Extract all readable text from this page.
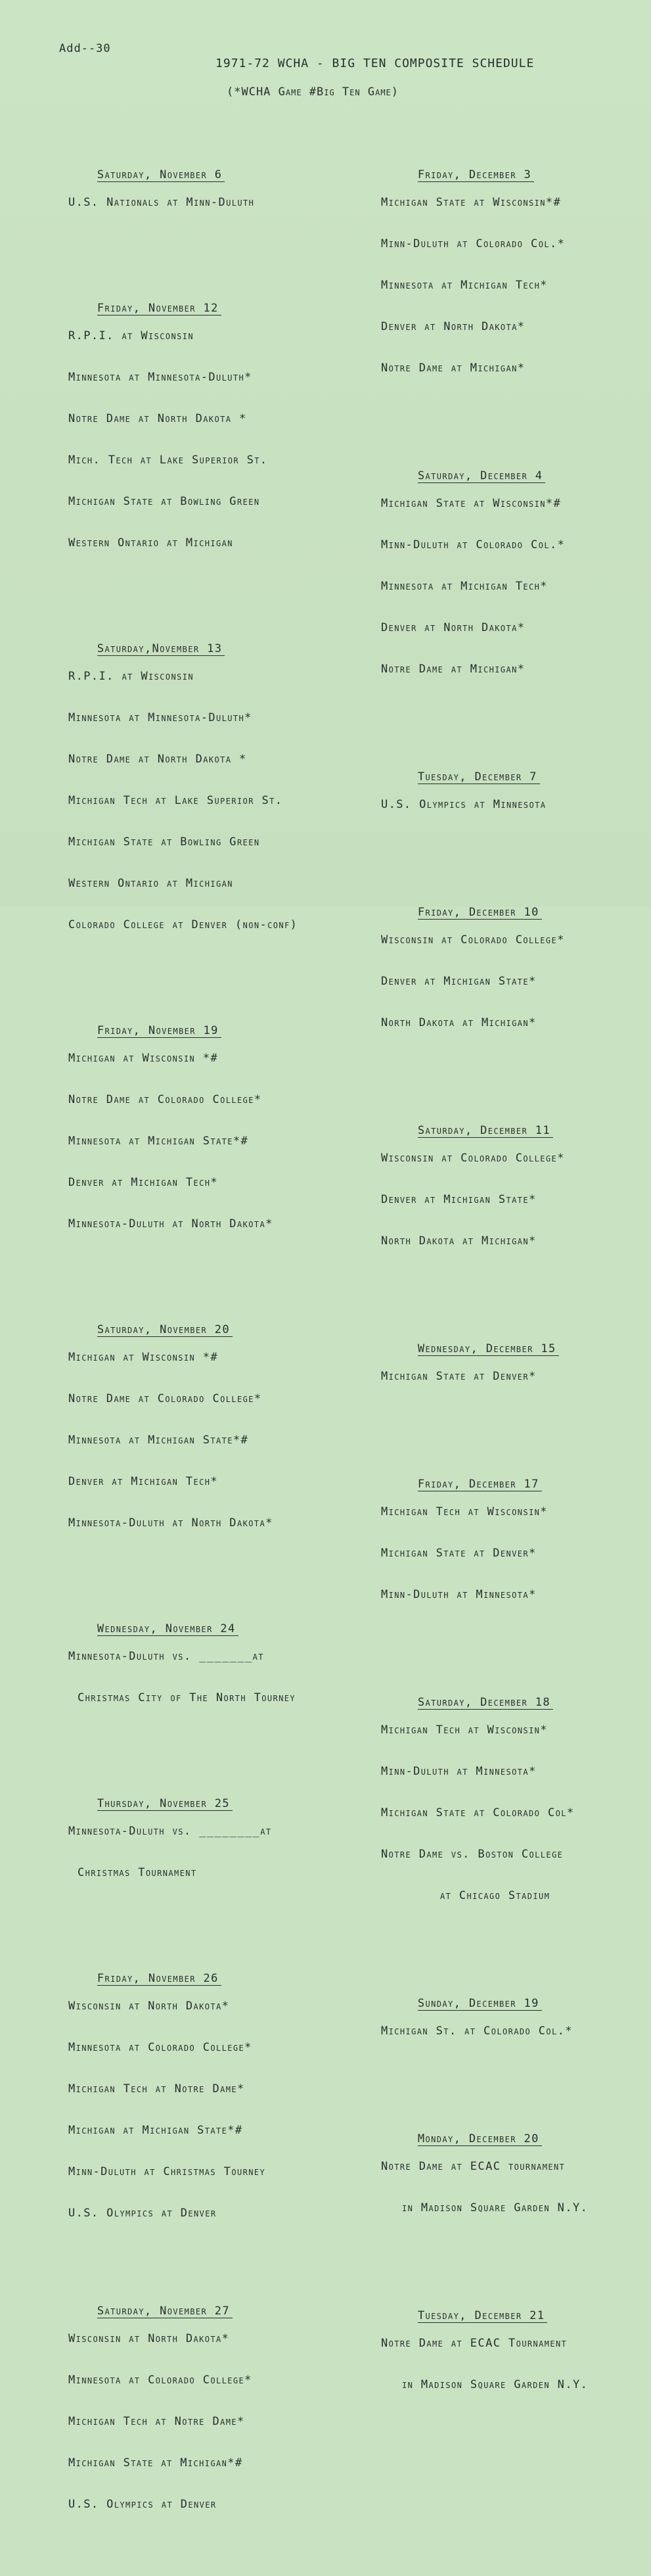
Add--30
1971-72 WCHA - BIG TEN COMPOSITE SCHEDULE
(*WCHA Game #Big Ten Game)

Saturday, November 6

U.S. Nationals at Minn-Duluth

Friday, November 12

R.P.I. at Wisconsin

Minnesota at Minnesota-Duluth*

Notre Dame at North Dakota *

Mich. Tech at Lake Superior St.

Michigan State at Bowling Green

Western Ontario at Michigan

Saturday,November 13

R.P.I. at Wisconsin

Minnesota at Minnesota-Duluth*

Notre Dame at North Dakota *

Michigan Tech at Lake Superior St.

Michigan State at Bowling Green

Western Ontario at Michigan

Colorado College at Denver (non-conf)

Friday, November 19

Michigan at Wisconsin *#

Notre Dame at Colorado College*

Minnesota at Michigan State*#

Denver at Michigan Tech*

Minnesota-Duluth at North Dakota*

Saturday, November 20

Michigan at Wisconsin *#

Notre Dame at Colorado College*

Minnesota at Michigan State*#

Denver at Michigan Tech*

Minnesota-Duluth at North Dakota*

Wednesday, November 24

Minnesota-Duluth vs. _______at

Christmas City of The North Tourney

Thursday, November 25

Minnesota-Duluth vs. ________at

Christmas Tournament

Friday, November 26

Wisconsin at North Dakota*

Minnesota at Colorado College*

Michigan Tech at Notre Dame*

Michigan at Michigan State*#

Minn-Duluth at Christmas Tourney

U.S. Olympics at Denver

Saturday, November 27

Wisconsin at North Dakota*

Minnesota at Colorado College*

Michigan Tech at Notre Dame*

Michigan State at Michigan*#

U.S. Olympics at Denver

Friday, December 3

Michigan State at Wisconsin*#

Minn-Duluth at Colorado Col.*

Minnesota at Michigan Tech*

Denver at North Dakota*

Notre Dame at Michigan*

Saturday, December 4

Michigan State at Wisconsin*#

Minn-Duluth at Colorado Col.*

Minnesota at Michigan Tech*

Denver at North Dakota*

Notre Dame at Michigan*

Tuesday, December 7

U.S. Olympics at Minnesota

Friday, December 10

Wisconsin at Colorado College*

Denver at Michigan State*

North Dakota at Michigan*

Saturday, December 11

Wisconsin at Colorado College*

Denver at Michigan State*

North Dakota at Michigan*

Wednesday, December 15

Michigan State at Denver*

Friday, December 17

Michigan Tech at Wisconsin*

Michigan State at Denver*

Minn-Duluth at Minnesota*

Saturday, December 18

Michigan Tech at Wisconsin*

Minn-Duluth at Minnesota*

Michigan State at Colorado Col*

Notre Dame vs. Boston College

at Chicago Stadium

Sunday, December 19

Michigan St. at Colorado Col.*

Monday, December 20

Notre Dame at ECAC tournament

in Madison Square Garden N.Y.

Tuesday, December 21

Notre Dame at ECAC Tournament

in Madison Square Garden N.Y.
